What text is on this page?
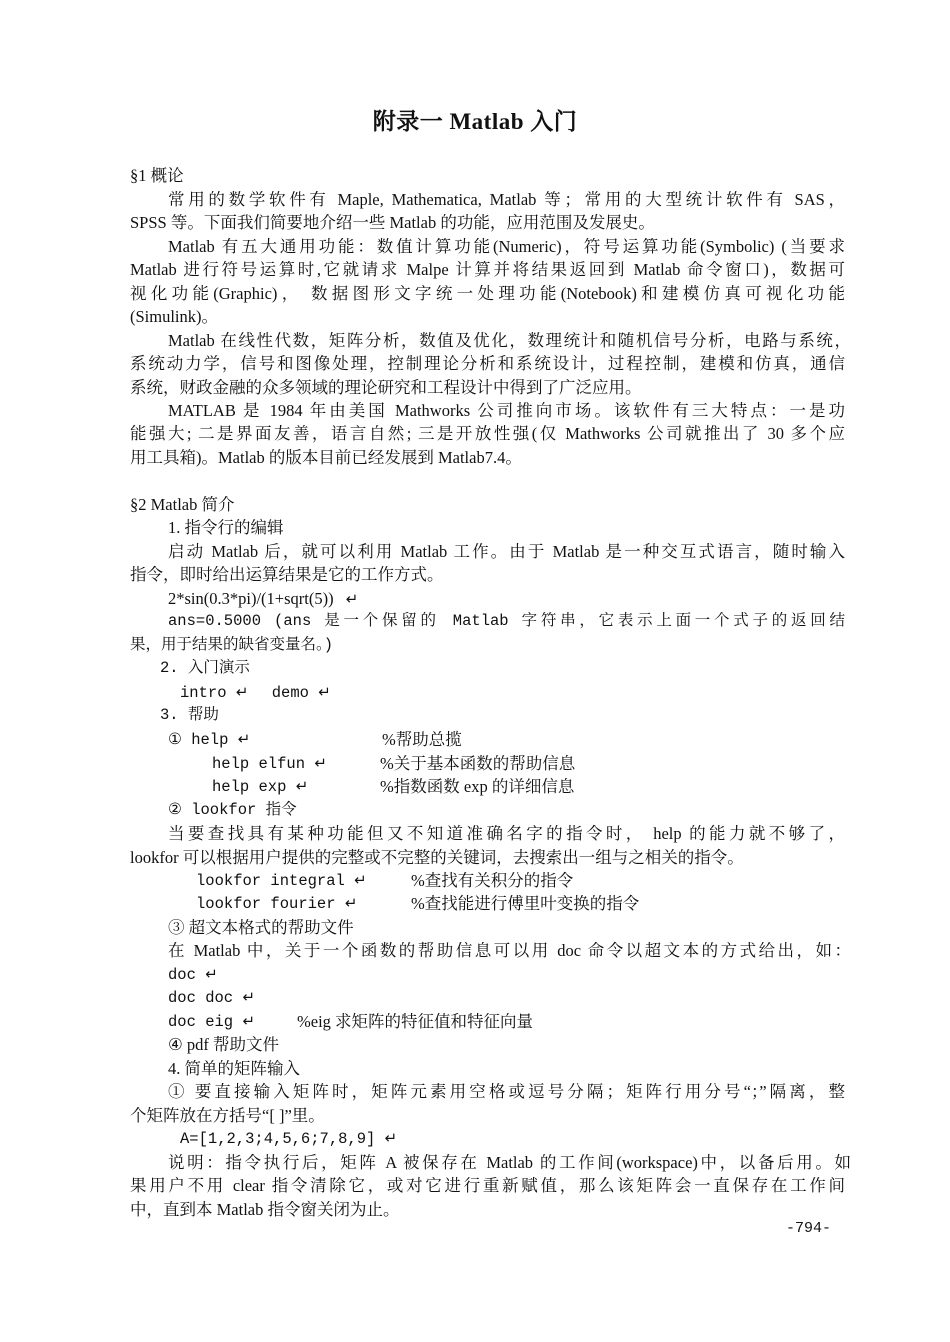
附录一 Matlab 入门
§1 概论
常用的数学软件有 Maple, Mathematica, Matlab 等；常用的大型统计软件有 SAS，
SPSS 等。下面我们简要地介绍一些 Matlab 的功能，应用范围及发展史。
Matlab 有五大通用功能：数值计算功能(Numeric)，符号运算功能(Symbolic) (当要求
Matlab 进行符号运算时,它就请求 Malpe 计算并将结果返回到 Matlab 命令窗口)，数据可
视化功能(Graphic)， 数据图形文字统一处理功能(Notebook)和建模仿真可视化功能
(Simulink)。
Matlab 在线性代数，矩阵分析，数值及优化，数理统计和随机信号分析，电路与系统，
系统动力学，信号和图像处理，控制理论分析和系统设计，过程控制，建模和仿真，通信
系统，财政金融的众多领域的理论研究和工程设计中得到了广泛应用。
MATLAB 是 1984 年由美国 Mathworks 公司推向市场。该软件有三大特点：一是功
能强大; 二是界面友善，语言自然; 三是开放性强(仅 Mathworks 公司就推出了 30 多个应
用工具箱)。Matlab 的版本目前已经发展到 Matlab7.4。
§2 Matlab 简介
1. 指令行的编辑
启动 Matlab 后，就可以利用 Matlab 工作。由于 Matlab 是一种交互式语言，随时输入
指令，即时给出运算结果是它的工作方式。
2*sin(0.3*pi)/(1+sqrt(5)) ↵
ans=0.5000 (ans 是一个保留的 Matlab 字符串，它表示上面一个式子的返回结
果，用于结果的缺省变量名。)
2. 入门演示
intro ↵ demo ↵
3. 帮助
① help ↵	%帮助总揽
help elfun ↵	%关于基本函数的帮助信息
help exp ↵	%指数函数 exp 的详细信息
② lookfor 指令
当要查找具有某种功能但又不知道准确名字的指令时， help 的能力就不够了，
lookfor 可以根据用户提供的完整或不完整的关键词，去搜索出一组与之相关的指令。
lookfor integral ↵	%查找有关积分的指令
lookfor fourier ↵	%查找能进行傅里叶变换的指令
③ 超文本格式的帮助文件
在 Matlab 中，关于一个函数的帮助信息可以用 doc 命令以超文本的方式给出，如：
doc ↵
doc doc ↵
doc eig ↵	%eig 求矩阵的特征值和特征向量
④ pdf 帮助文件
4. 简单的矩阵输入
① 要直接输入矩阵时，矩阵元素用空格或逗号分隔；矩阵行用分号“；”隔离，整
个矩阵放在方括号“[ ]”里。
A=[1,2,3;4,5,6;7,8,9] ↵
说明：指令执行后，矩阵 A 被保存在 Matlab 的工作间(workspace)中，以备后用。如
果用户不用 clear 指令清除它，或对它进行重新赋值，那么该矩阵会一直保存在工作间
中，直到本 Matlab 指令窗关闭为止。
-794-
